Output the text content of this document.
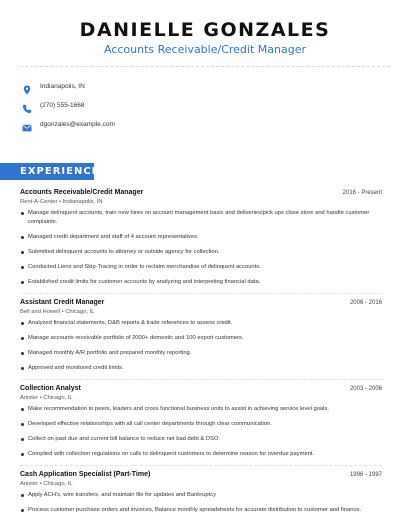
DANIELLE GONZALES
Accounts Receivable/Credit Manager
Indianapolis, IN
(270) 555-1668
dgonzales@example.com
EXPERIENCE
Accounts Receivable/Credit Manager	2016 - Present
Rent-A-Center • Indianapolis, IN
Manage delinquent accounts, train new hires on account management basic and deliveries/pick ups close store and handle customer complaints.
Managed credit department and staff of 4 account representatives.
Submitted delinquent accounts to attorney or outside agency for collection.
Conducted Liens and Skip-Tracing in order to reclaim merchandise of delinquent accounts.
Established credit limits for customer accounts by analyzing and interpreting financial data.
Assistant Credit Manager	2006 - 2016
Bell and Howell • Chicago, IL
Analyzed financial statements, D&B reports & trade references to assess credit.
Manage accounts receivable portfolio of 2000+ domestic and 100 export customers.
Managed monthly A/R portfolio and prepared monthly reporting.
Approved and monitored credit limits.
Collection Analyst	2003 - 2006
Anixter • Chicago, IL
Make recommendation to peers, leaders and cross functional business units to assist in achieving service level goals.
Developed effective relationships with all call center departments through clear communication.
Collect on past due and current bill balance to reduce net bad debt & DSO.
Complied with collection regulations on calls to delinquent customers to determine reason for overdue payment.
Cash Application Specialist (Part-Time)	1996 - 1997
Anixter • Chicago, IL
Apply ACH's, wire transfers, and maintain file for updates and Bankruptcy
Process customer purchase orders and invoices, Balance monthly spreadsheets for accurate distribution to customer and finance.
